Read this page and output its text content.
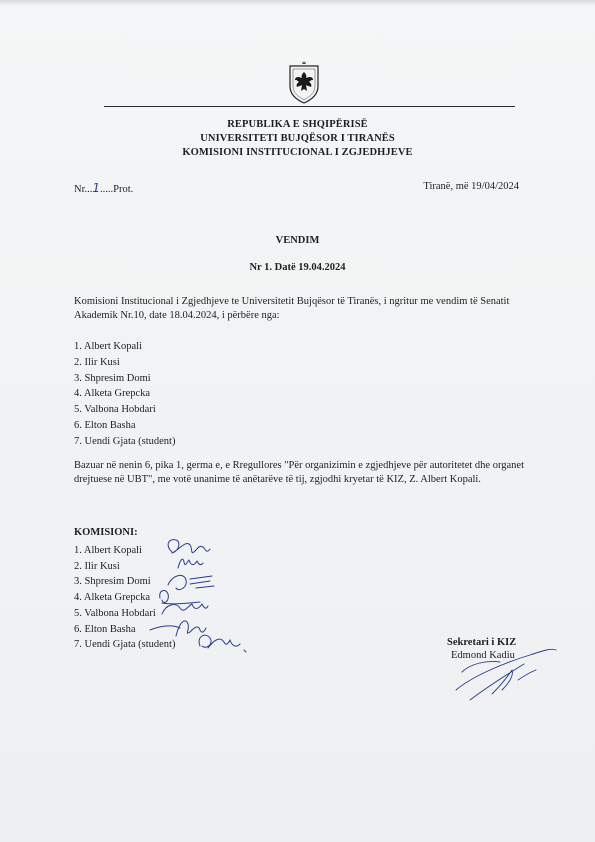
REPUBLIKA E SHQIPËRISË
UNIVERSITETI BUJQËSOR I TIRANËS
KOMISIONI INSTITUCIONAL I ZGJEDHJEVE
Nr...1.....Prot.	Tiranë, më 19/04/2024
VENDIM
Nr 1. Datë 19.04.2024
Komisioni Institucional i Zgjedhjeve te Universitetit Bujqësor të Tiranës, i ngritur me vendim të Senatit Akademik Nr.10, date 18.04.2024, i përbëre nga:
1. Albert Kopali
2. Ilir Kusi
3. Shpresim Domi
4. Alketa Grepcka
5. Valbona Hobdari
6. Elton Basha
7. Uendi Gjata (student)
Bazuar në nenin 6, pika 1, germa e, e Rregullores "Për organizimin e zgjedhjeve për autoritetet dhe organet drejtuese në UBT", me votë unanime të anëtarëve të tij, zgjodhi kryetar të KIZ, Z. Albert Kopali.
KOMISIONI:
1. Albert Kopali
2. Ilir Kusi
3. Shpresim Domi
4. Alketa Grepcka
5. Valbona Hobdari
6. Elton Basha
7. Uendi Gjata (student)	Sekretari i KIZ
Edmond Kadiu
